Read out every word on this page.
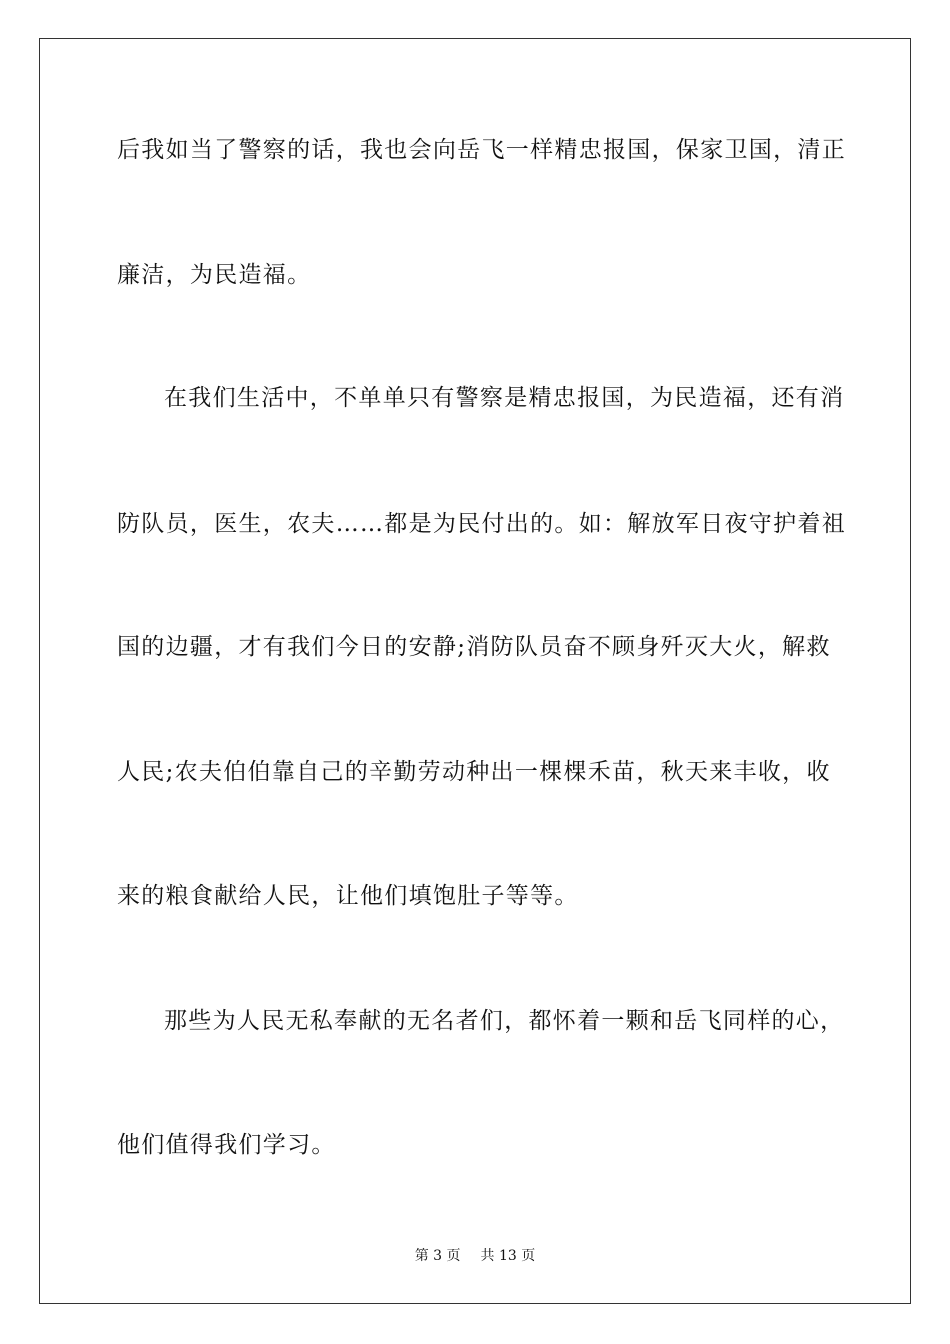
后我如当了警察的话，我也会向岳飞一样精忠报国，保家卫国，清正
廉洁，为民造福。
在我们生活中，不单单只有警察是精忠报国，为民造福，还有消
防队员，医生，农夫……都是为民付出的。如：解放军日夜守护着祖
国的边疆，才有我们今日的安静;消防队员奋不顾身歼灭大火，解救
人民;农夫伯伯靠自己的辛勤劳动种出一棵棵禾苗，秋天来丰收，收
来的粮食献给人民，让他们填饱肚子等等。
那些为人民无私奉献的无名者们，都怀着一颗和岳飞同样的心，
他们值得我们学习。
第 3 页 共 13 页
